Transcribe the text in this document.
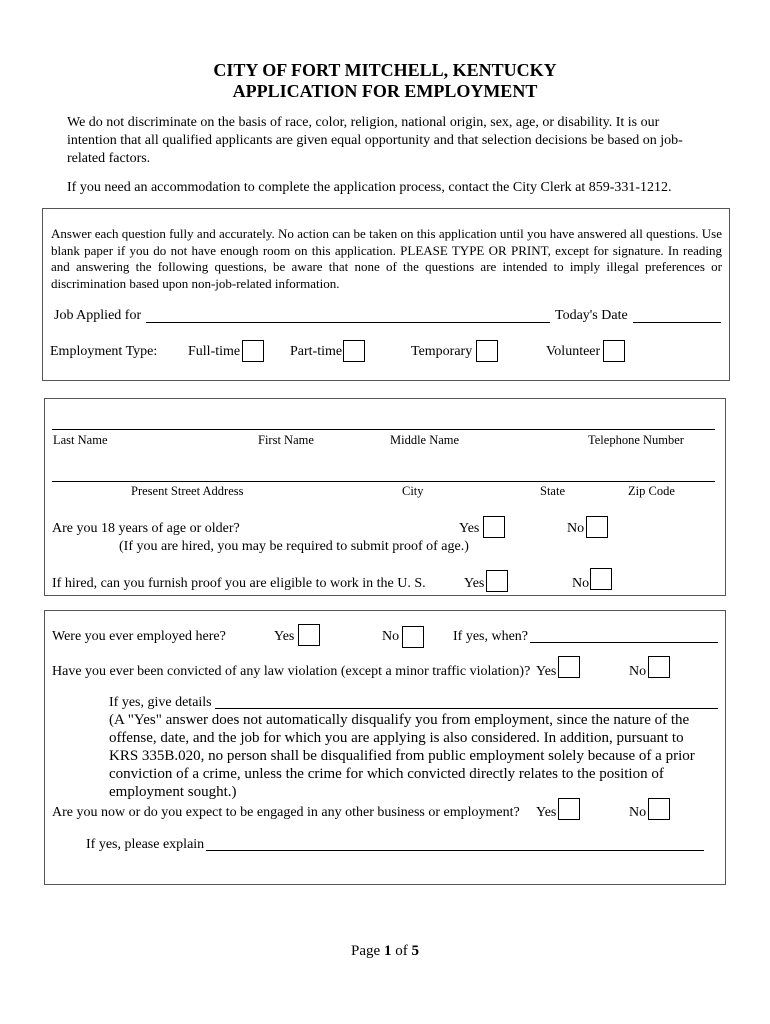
CITY OF FORT MITCHELL, KENTUCKY
APPLICATION FOR EMPLOYMENT
We do not discriminate on the basis of race, color, religion, national origin, sex, age, or disability. It is our intention that all qualified applicants are given equal opportunity and that selection decisions be based on job-related factors.
If you need an accommodation to complete the application process, contact the City Clerk at 859-331-1212.
Answer each question fully and accurately. No action can be taken on this application until you have answered all questions. Use blank paper if you do not have enough room on this application. PLEASE TYPE OR PRINT, except for signature. In reading and answering the following questions, be aware that none of the questions are intended to imply illegal preferences or discrimination based upon non-job-related information.
Job Applied for	Today's Date
Employment Type: Full-time	Part-time	Temporary	Volunteer
Last Name	First Name	Middle Name	Telephone Number
Present Street Address	City	State	Zip Code
Are you 18 years of age or older?	Yes	No
(If you are hired, you may be required to submit proof of age.)
If hired, can you furnish proof you are eligible to work in the U. S.	Yes	No
Were you ever employed here?	Yes	No	If yes, when?
Have you ever been convicted of any law violation (except a minor traffic violation)? Yes	No
If yes, give details
(A "Yes" answer does not automatically disqualify you from employment, since the nature of the offense, date, and the job for which you are applying is also considered. In addition, pursuant to KRS 335B.020, no person shall be disqualified from public employment solely because of a prior conviction of a crime, unless the crime for which convicted directly relates to the position of employment sought.)
Are you now or do you expect to be engaged in any other business or employment? Yes	No
If yes, please explain
Page 1 of 5
